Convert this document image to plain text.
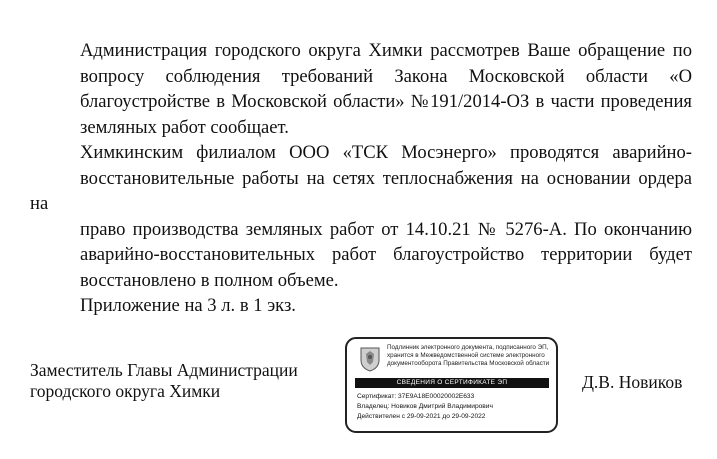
Администрация городского округа Химки рассмотрев Ваше обращение по
вопросу соблюдения требований Закона Московской области «О
благоустройстве в Московской области» №191/2014-ОЗ в части проведения
земляных работ сообщает.
Химкинским филиалом ООО «ТСК Мосэнерго» проводятся аварийно-
восстановительные работы на сетях теплоснабжения на основании ордера на
право производства земляных работ от 14.10.21 № 5276-А. По окончанию
аварийно-восстановительных работ благоустройство территории будет
восстановлено в полном объеме.
Приложение на 3 л. в 1 экз.
Заместитель Главы Администрации
городского округа Химки
Подлинник электронного документа, подписанного ЭП,
хранится в Межведомственной системе электронного
документооборота Правительства Московской области
СВЕДЕНИЯ О СЕРТИФИКАТЕ ЭП
Сертификат: 37E9A18E00020002E633
Владелец: Новиков Дмитрий Владимирович
Действителен с 29-09-2021 до 29-09-2022
Д.В. Новиков
